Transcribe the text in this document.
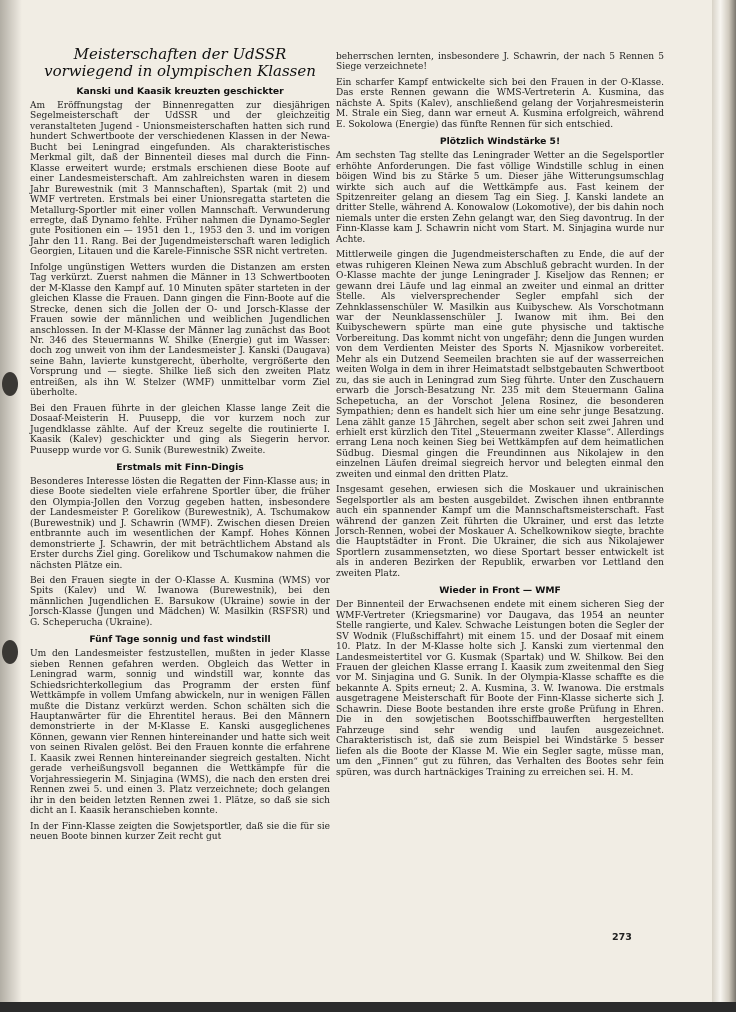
Meisterschaften der UdSSR
vorwiegend in olympischen Klassen
Kanski und Kaasik kreuzten geschickter

Am Eröffnungstag der Binnenregatten zur diesjährigen Segelmeisterschaft der UdSSR und der gleichzeitig veranstalteten Jugend - Unionsmeisterschaften hatten sich rund hundert Schwertboote der verschiedenen Klassen in der Newa-Bucht bei Leningrad eingefunden. Als charakteristisches Merkmal gilt, daß der Binnenteil dieses mal durch die Finn-Klasse erweitert wurde; erstmals erschienen diese Boote auf einer Landesmeisterschaft. Am zahlreichsten waren in diesem Jahr Burewestnik (mit 3 Mannschaften), Spartak (mit 2) und WMF vertreten. Erstmals bei einer Unionsregatta starteten die Metallurg-Sportler mit einer vollen Mannschaft. Verwunderung erregte, daß Dynamo fehlte. Früher nahmen die Dynamo-Segler gute Positionen ein — 1951 den 1., 1953 den 3. und im vorigen Jahr den 11. Rang. Bei der Jugendmeisterschaft waren lediglich Georgien, Litauen und die Karele-Finnische SSR nicht vertreten.

Infolge ungünstigen Wetters wurden die Distanzen am ersten Tag verkürzt. Zuerst nahmen die Männer in 13 Schwertbooten der M-Klasse den Kampf auf. 10 Minuten später starteten in der gleichen Klasse die Frauen. Dann gingen die Finn-Boote auf die Strecke, denen sich die Jollen der O- und Jorsch-Klasse der Frauen sowie der männlichen und weiblichen Jugendlichen anschlossen. In der M-Klasse der Männer lag zunächst das Boot Nr. 346 des Steuermanns W. Shilke (Energie) gut im Wasser: doch zog unweit von ihm der Landesmeister J. Kanski (Daugava) seine Bahn, lavierte kunstgerecht, überholte, vergrößerte den Vorsprung und — siegte. Shilke ließ sich den zweiten Platz entreißen, als ihn W. Stelzer (WMF) unmittelbar vorm Ziel überholte.

Bei den Frauen führte in der gleichen Klasse lange Zeit die Dosaaf-Meisterin H. Puusepp, die vor kurzem noch zur Jugendklasse zählte. Auf der Kreuz segelte die routinierte I. Kaasik (Kalev) geschickter und ging als Siegerin hervor. Puusepp wurde vor G. Sunik (Burewestnik) Zweite.

Erstmals mit Finn-Dingis

Besonderes Interesse lösten die Regatten der Finn-Klasse aus; in diese Boote siedelten viele erfahrene Sportler über, die früher den Olympia-Jollen den Vorzug gegeben hatten, insbesondere der Landesmeister P. Gorelikow (Burewestnik), A. Tschumakow (Burewestnik) und J. Schawrin (WMF). Zwischen diesen Dreien entbrannte auch im wesentlichen der Kampf. Hohes Können demonstrierte J. Schawrin, der mit beträchtlichem Abstand als Erster durchs Ziel ging. Gorelikow und Tschumakow nahmen die nächsten Plätze ein.

Bei den Frauen siegte in der O-Klasse A. Kusmina (WMS) vor Spits (Kalev) und W. Iwanowa (Burewestnik), bei den männlichen Jugendlichen E. Barsukow (Ukraine) sowie in der Jorsch-Klasse (Jungen und Mädchen) W. Masilkin (RSFSR) und G. Scheperucha (Ukraine).

Fünf Tage sonnig und fast windstill

Um den Landesmeister festzustellen, mußten in jeder Klasse sieben Rennen gefahren werden. Obgleich das Wetter in Leningrad warm, sonnig und windstill war, konnte das Schiedsrichterkollegium das Programm der ersten fünf Wettkämpfe in vollem Umfang abwickeln, nur in wenigen Fällen mußte die Distanz verkürzt werden. Schon schälten sich die Hauptanwärter für die Ehrentitel heraus. Bei den Männern demonstrierte in der M-Klasse E. Kanski ausgeglichenes Können, gewann vier Rennen hintereinander und hatte sich weit von seinen Rivalen gelöst. Bei den Frauen konnte die erfahrene I. Kaasik zwei Rennen hintereinander siegreich gestalten. Nicht gerade verheißungsvoll begannen die Wettkämpfe für die Vorjahressiegerin M. Sinjagina (WMS), die nach den ersten drei Rennen zwei 5. und einen 3. Platz verzeichnete; doch gelangen ihr in den beiden letzten Rennen zwei 1. Plätze, so daß sie sich dicht an I. Kaasik heranschieben konnte.

In der Finn-Klasse zeigten die Sowjetsportler, daß sie die für sie neuen Boote binnen kurzer Zeit recht gut

beherrschen lernten, insbesondere J. Schawrin, der nach 5 Rennen 5 Siege verzeichnete!

Ein scharfer Kampf entwickelte sich bei den Frauen in der O-Klasse. Das erste Rennen gewann die WMS-Vertreterin A. Kusmina, das nächste A. Spits (Kalev), anschließend gelang der Vorjahresmeisterin M. Strale ein Sieg, dann war erneut A. Kusmina erfolgreich, während E. Sokolowa (Energie) das fünfte Rennen für sich entschied.

Plötzlich Windstärke 5!

Am sechsten Tag stellte das Leningrader Wetter an die Segelsportler erhöhte Anforderungen. Die fast völlige Windstille schlug in einen böigen Wind bis zu Stärke 5 um. Dieser jähe Witterungsumschlag wirkte sich auch auf die Wettkämpfe aus. Fast keinem der Spitzenreiter gelang an diesem Tag ein Sieg. J. Kanski landete an dritter Stelle, während A. Konowalow (Lokomotive), der bis dahin noch niemals unter die ersten Zehn gelangt war, den Sieg davontrug. In der Finn-Klasse kam J. Schawrin nicht vom Start. M. Sinjagina wurde nur Achte.

Mittlerweile gingen die Jugendmeisterschaften zu Ende, die auf der etwas ruhigeren Kleinen Newa zum Abschluß gebracht wurden. In der O-Klasse machte der junge Leningrader J. Kiseljow das Rennen; er gewann drei Läufe und lag einmal an zweiter und einmal an dritter Stelle. Als vielversprechender Segler empfahl sich der Zehnklassenschüler W. Masilkin aus Kuibyschew. Als Vorschotmann war der Neunklassenschüler J. Iwanow mit ihm. Bei den Kuibyschewern spürte man eine gute physische und taktische Vorbereitung. Das kommt nicht von ungefähr; denn die Jungen wurden von dem Verdienten Meister des Sports N. Mjasnikow vorbereitet. Mehr als ein Dutzend Seemeilen brachten sie auf der wasserreichen weiten Wolga in dem in ihrer Heimatstadt selbstgebauten Schwertboot zu, das sie auch in Leningrad zum Sieg führte. Unter den Zuschauern erwarb die Jorsch-Besatzung Nr. 235 mit dem Steuermann Galina Schepetucha, an der Vorschot Jelena Rosinez, die besonderen Sympathien; denn es handelt sich hier um eine sehr junge Besatzung. Lena zählt ganze 15 Jährchen, segelt aber schon seit zwei Jahren und erhielt erst kürzlich den Titel „Steuermann zweiter Klasse“. Allerdings errang Lena noch keinen Sieg bei Wettkämpfen auf dem heimatlichen Südbug. Diesmal gingen die Freundinnen aus Nikolajew in den einzelnen Läufen dreimal siegreich hervor und belegten einmal den zweiten und einmal den dritten Platz.

Insgesamt gesehen, erwiesen sich die Moskauer und ukrainischen Segelsportler als am besten ausgebildet. Zwischen ihnen entbrannte auch ein spannender Kampf um die Mannschaftsmeisterschaft. Fast während der ganzen Zeit führten die Ukrainer, und erst das letzte Jorsch-Rennen, wobei der Moskauer A. Schelkownikow siegte, brachte die Hauptstädter in Front. Die Ukrainer, die sich aus Nikolajewer Sportlern zusammensetzten, wo diese Sportart besser entwickelt ist als in anderen Bezirken der Republik, erwarben vor Lettland den zweiten Platz.

Wieder in Front — WMF

Der Binnenteil der Erwachsenen endete mit einem sicheren Sieg der WMF-Vertreter (Kriegsmarine) vor Daugava, das 1954 an neunter Stelle rangierte, und Kalev. Schwache Leistungen boten die Segler der SV Wodnik (Flußschiffahrt) mit einem 15. und der Dosaaf mit einem 10. Platz. In der M-Klasse holte sich J. Kanski zum viertenmal den Landesmeistertitel vor G. Kusmak (Spartak) und W. Shilkow. Bei den Frauen der gleichen Klasse errang I. Kaasik zum zweitenmal den Sieg vor M. Sinjagina und G. Sunik. In der Olympia-Klasse schaffte es die bekannte A. Spits erneut; 2. A. Kusmina, 3. W. Iwanowa. Die erstmals ausgetragene Meisterschaft für Boote der Finn-Klasse sicherte sich J. Schawrin. Diese Boote bestanden ihre erste große Prüfung in Ehren. Die in den sowjetischen Bootsschiffbauwerften hergestellten Fahrzeuge sind sehr wendig und laufen ausgezeichnet. Charakteristisch ist, daß sie zum Beispiel bei Windstärke 5 besser liefen als die Boote der Klasse M. Wie ein Segler sagte, müsse man, um den „Finnen“ gut zu führen, das Verhalten des Bootes sehr fein spüren, was durch hartnäckiges Training zu erreichen sei. H. M.

273
